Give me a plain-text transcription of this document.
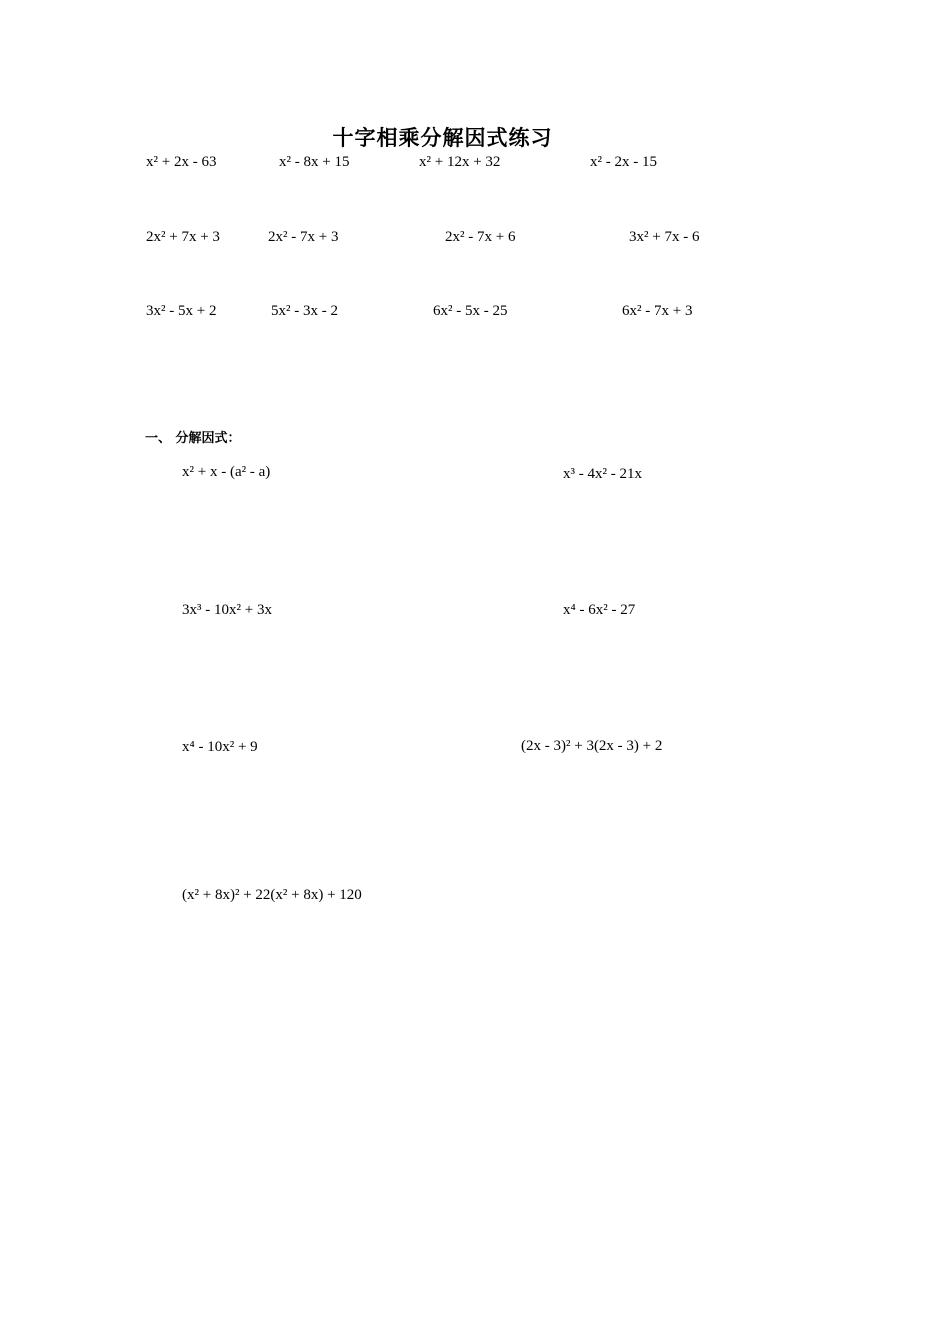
十字相乘分解因式练习
x² + 2x - 63	x² - 8x + 15	x² + 12x + 32	x² - 2x - 15
2x² + 7x + 3	2x² - 7x + 3	2x² - 7x + 6	3x² + 7x - 6
3x² - 5x + 2	5x² - 3x - 2	6x² - 5x - 25	6x² - 7x + 3
一、 分解因式：
x² + x - (a² - a)	x³ - 4x² - 21x
3x³ - 10x² + 3x	x⁴ - 6x² - 27
x⁴ - 10x² + 9	(2x - 3)² + 3(2x - 3) + 2
(x² + 8x)² + 22(x² + 8x) + 120
